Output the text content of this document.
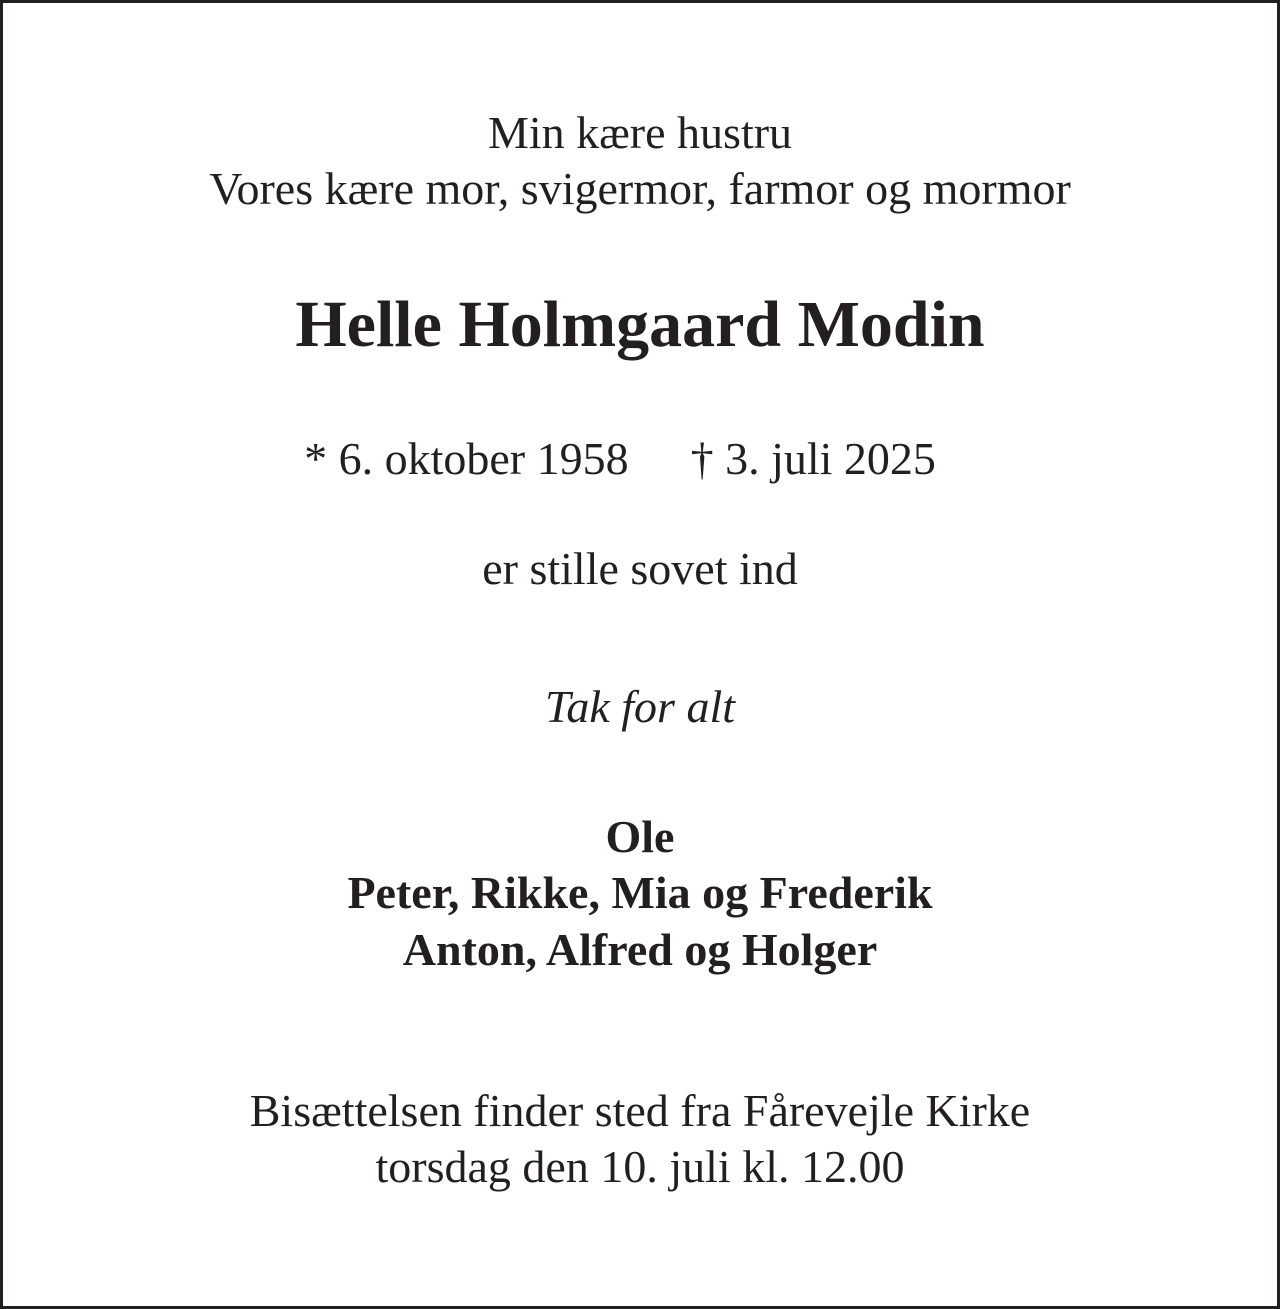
Min kære hustru
Vores kære mor, svigermor, farmor og mormor
Helle Holmgaard Modin
* 6. oktober 1958 † 3. juli 2025
er stille sovet ind
Tak for alt
Ole
Peter, Rikke, Mia og Frederik
Anton, Alfred og Holger
Bisættelsen finder sted fra Fårevejle Kirke
torsdag den 10. juli kl. 12.00
